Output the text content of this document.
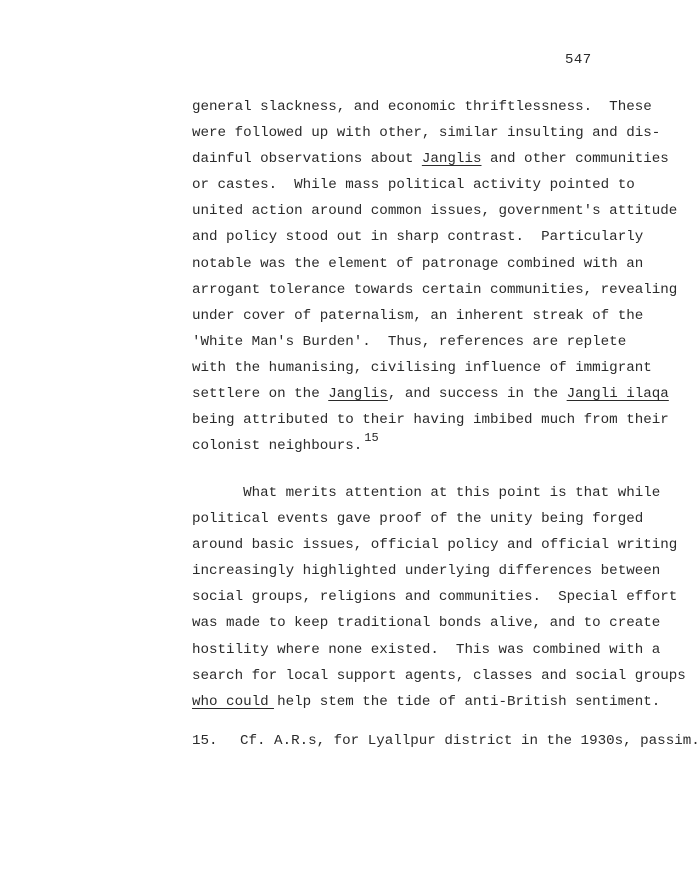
547
general slackness, and economic thriftlessness.  These
were followed up with other, similar insulting and dis-
dainful observations about Janglis and other communities
or castes.  While mass political activity pointed to
united action around common issues, government's attitude
and policy stood out in sharp contrast.  Particularly
notable was the element of patronage combined with an
arrogant tolerance towards certain communities, revealing
under cover of paternalism, an inherent streak of the
'White Man's Burden'.  Thus, references are replete
with the humanising, civilising influence of immigrant
settlere on the Janglis, and success in the Jangli ilaqa
being attributed to their having imbibed much from their
colonist neighbours. $^{15}$
What merits attention at this point is that while
political events gave proof of the unity being forged
around basic issues, official policy and official writing
increasingly highlighted underlying differences between
social groups, religions and communities.  Special effort
was made to keep traditional bonds alive, and to create
hostility where none existed.  This was combined with a
search for local support agents, classes and social groups
who could help stem the tide of anti-British sentiment.
15. Cf. A.R.s, for Lyallpur district in the 1930s, passim.
